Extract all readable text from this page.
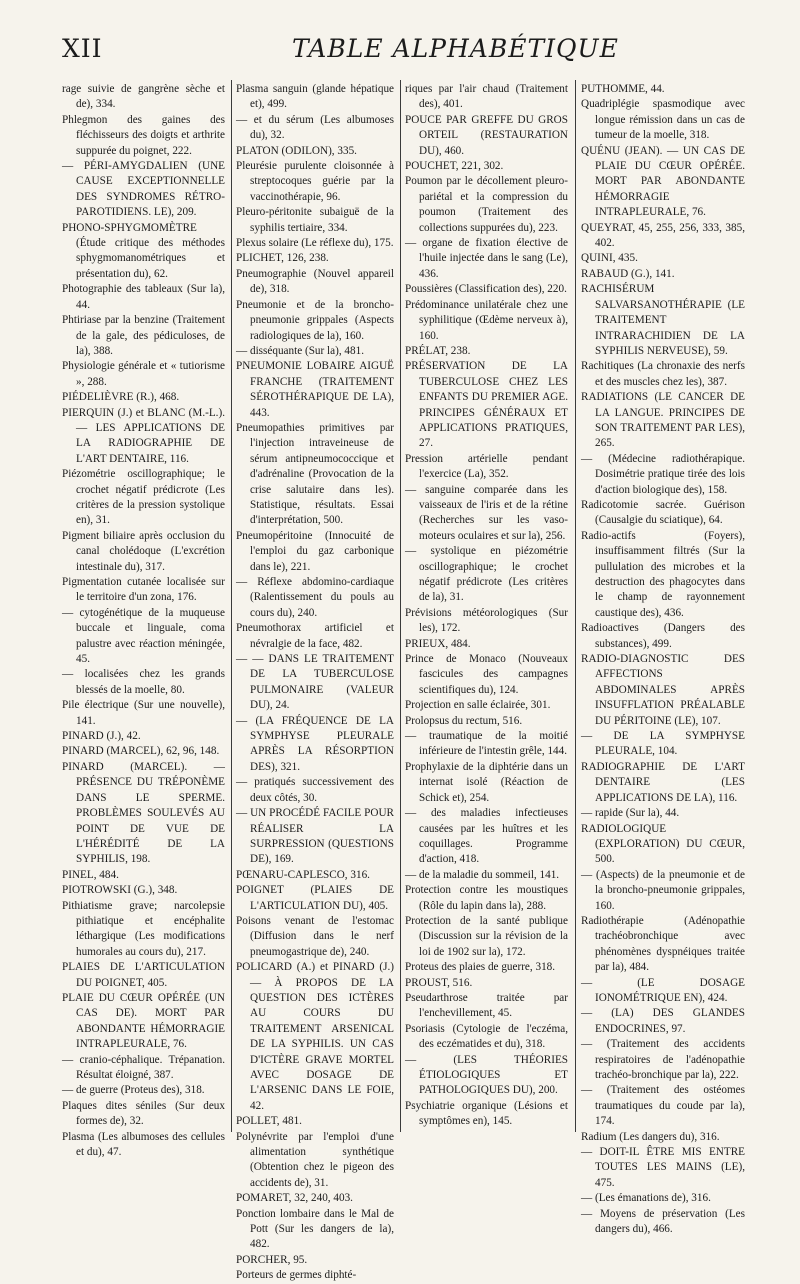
XII	TABLE ALPHABÉTIQUE

rage suivie de gangrène sèche et de), 334.

Phlegmon des gaines des fléchisseurs des doigts et arthrite suppurée du poignet, 222.

— PÉRI-AMYGDALIEN (UNE CAUSE EXCEPTIONNELLE DES SYNDROMES RÉTRO-PAROTIDIENS. LE), 209.

PHONO-SPHYGMOMÈTRE (Étude critique des méthodes sphygmomanométriques et présentation du), 62.

Photographie des tableaux (Sur la), 44.

Phtiriase par la benzine (Traitement de la gale, des pédiculoses, de la), 388.

Physiologie générale et « tutiorisme », 288.

PIÉDELIÈVRE (R.), 468.

PIERQUIN (J.) et BLANC (M.-L.). — LES APPLICATIONS DE LA RADIOGRAPHIE DE L'ART DENTAIRE, 116.

Piézométrie oscillographique; le crochet négatif prédicrote (Les critères de la pression systolique en), 31.

Pigment biliaire après occlusion du canal cholédoque (L'excrétion intestinale du), 317.

Pigmentation cutanée localisée sur le territoire d'un zona, 176.

— cytogénétique de la muqueuse buccale et linguale, coma palustre avec réaction méningée, 45.

— localisées chez les grands blessés de la moelle, 80.

Pile électrique (Sur une nouvelle), 141.

PINARD (J.), 42.

PINARD (MARCEL), 62, 96, 148.

PINARD (MARCEL). — PRÉSENCE DU TRÉPONÈME DANS LE SPERME. PROBLÈMES SOULEVÉS AU POINT DE VUE DE L'HÉRÉDITÉ DE LA SYPHILIS, 198.

PINEL, 484.

PIOTROWSKI (G.), 348.

Pithiatisme grave; narcolepsie pithiatique et encéphalite léthargique (Les modifications humorales au cours du), 217.

PLAIES DE L'ARTICULATION DU POIGNET, 405.

PLAIE DU CŒUR OPÉRÉE (UN CAS DE). MORT PAR ABONDANTE HÉMORRAGIE INTRAPLEURALE, 76.

— cranio-céphalique. Trépanation. Résultat éloigné, 387.

— de guerre (Proteus des), 318.

Plaques dites séniles (Sur deux formes de), 32.

Plasma (Les albumoses des cellules et du), 47.

Plasma sanguin (glande hépatique et), 499.

— et du sérum (Les albumoses du), 32.

PLATON (ODILON), 335.

Pleurésie purulente cloisonnée à streptocoques guérie par la vaccinothérapie, 96.

Pleuro-péritonite subaiguë de la syphilis tertiaire, 334.

Plexus solaire (Le réflexe du), 175.

PLICHET, 126, 238.

Pneumographie (Nouvel appareil de), 318.

Pneumonie et de la broncho-pneumonie grippales (Aspects radiologiques de la), 160.

— disséquante (Sur la), 481.

PNEUMONIE LOBAIRE AIGUË FRANCHE (TRAITEMENT SÉROTHÉRAPIQUE DE LA), 443.

Pneumopathies primitives par l'injection intraveineuse de sérum antipneumococcique et d'adrénaline (Provocation de la crise salutaire dans les). Statistique, résultats. Essai d'interprétation, 500.

Pneumopéritoine (Innocuité de l'emploi du gaz carbonique dans le), 221.

— Réflexe abdomino-cardiaque (Ralentissement du pouls au cours du), 240.

Pneumothorax artificiel et névralgie de la face, 482.

— — DANS LE TRAITEMENT DE LA TUBERCULOSE PULMONAIRE (VALEUR DU), 24.

— (LA FRÉQUENCE DE LA SYMPHYSE PLEURALE APRÈS LA RÉSORPTION DES), 321.

— pratiqués successivement des deux côtés, 30.

— UN PROCÉDÉ FACILE POUR RÉALISER LA SURPRESSION (QUESTIONS DE), 169.

PŒNARU-CAPLESCO, 316.

POIGNET (PLAIES DE L'ARTICULATION DU), 405.

Poisons venant de l'estomac (Diffusion dans le nerf pneumogastrique de), 240.

POLICARD (A.) et PINARD (J.) — À PROPOS DE LA QUESTION DES ICTÈRES AU COURS DU TRAITEMENT ARSENICAL DE LA SYPHILIS. UN CAS D'ICTÈRE GRAVE MORTEL AVEC DOSAGE DE L'ARSENIC DANS LE FOIE, 42.

POLLET, 481.

Polynévrite par l'emploi d'une alimentation synthétique (Obtention chez le pigeon des accidents de), 31.

POMARET, 32, 240, 403.

Ponction lombaire dans le Mal de Pott (Sur les dangers de la), 482.

PORCHER, 95.

Porteurs de germes diphté-

riques par l'air chaud (Traitement des), 401.

POUCE PAR GREFFE DU GROS ORTEIL (RESTAURATION DU), 460.

POUCHET, 221, 302.

Poumon par le décollement pleuro-pariétal et la compression du poumon (Traitement des collections suppurées du), 223.

— organe de fixation élective de l'huile injectée dans le sang (Le), 436.

Poussières (Classification des), 220.

Prédominance unilatérale chez une syphilitique (Œdème nerveux à), 160.

PRÉLAT, 238.

PRÉSERVATION DE LA TUBERCULOSE CHEZ LES ENFANTS DU PREMIER AGE. PRINCIPES GÉNÉRAUX ET APPLICATIONS PRATIQUES, 27.

Pression artérielle pendant l'exercice (La), 352.

— sanguine comparée dans les vaisseaux de l'iris et de la rétine (Recherches sur les vaso-moteurs oculaires et sur la), 256.

— systolique en piézométrie oscillographique; le crochet négatif prédicrote (Les critères de la), 31.

Prévisions météorologiques (Sur les), 172.

PRIEUX, 484.

Prince de Monaco (Nouveaux fascicules des campagnes scientifiques du), 124.

Projection en salle éclairée, 301.

Prolopsus du rectum, 516.

— traumatique de la moitié inférieure de l'intestin grêle, 144.

Prophylaxie de la diphtérie dans un internat isolé (Réaction de Schick et), 254.

— des maladies infectieuses causées par les huîtres et les coquillages. Programme d'action, 418.

— de la maladie du sommeil, 141.

Protection contre les moustiques (Rôle du lapin dans la), 288.

Protection de la santé publique (Discussion sur la révision de la loi de 1902 sur la), 172.

Proteus des plaies de guerre, 318.

PROUST, 516.

Pseudarthrose traitée par l'enchevillement, 45.

Psoriasis (Cytologie de l'eczéma, des eczématides et du), 318.

— (LES THÉORIES ÉTIOLOGIQUES ET PATHOLOGIQUES DU), 200.

Psychiatrie organique (Lésions et symptômes en), 145.

PUTHOMME, 44.

Quadriplégie spasmodique avec longue rémission dans un cas de tumeur de la moelle, 318.

QUÉNU (JEAN). — UN CAS DE PLAIE DU CŒUR OPÉRÉE. MORT PAR ABONDANTE HÉMORRAGIE INTRAPLEURALE, 76.

QUEYRAT, 45, 255, 256, 333, 385, 402.

QUINI, 435.

RABAUD (G.), 141.

RACHISÉRUM SALVARSANOTHÉRAPIE (LE TRAITEMENT INTRARACHIDIEN DE LA SYPHILIS NERVEUSE), 59.

Rachitiques (La chronaxie des nerfs et des muscles chez les), 387.

RADIATIONS (LE CANCER DE LA LANGUE. PRINCIPES DE SON TRAITEMENT PAR LES), 265.

— (Médecine radiothérapique. Dosimétrie pratique tirée des lois d'action biologique des), 158.

Radicotomie sacrée. Guérison (Causalgie du sciatique), 64.

Radio-actifs (Foyers), insuffisamment filtrés (Sur la pullulation des microbes et la destruction des phagocytes dans le champ de rayonnement caustique des), 436.

Radioactives (Dangers des substances), 499.

RADIO-DIAGNOSTIC DES AFFECTIONS ABDOMINALES APRÈS INSUFFLATION PRÉALABLE DU PÉRITOINE (LE), 107.

— DE LA SYMPHYSE PLEURALE, 104.

RADIOGRAPHIE DE L'ART DENTAIRE (LES APPLICATIONS DE LA), 116.

— rapide (Sur la), 44.

RADIOLOGIQUE (EXPLORATION) DU CŒUR, 500.

— (Aspects) de la pneumonie et de la broncho-pneumonie grippales, 160.

Radiothérapie (Adénopathie trachéobronchique avec phénomènes dyspnéiques traitée par la), 484.

— (LE DOSAGE IONOMÉTRIQUE EN), 424.

— (LA) DES GLANDES ENDOCRINES, 97.

— (Traitement des accidents respiratoires de l'adénopathie trachéo-bronchique par la), 222.

— (Traitement des ostéomes traumatiques du coude par la), 174.

Radium (Les dangers du), 316.

— DOIT-IL ÊTRE MIS ENTRE TOUTES LES MAINS (LE), 475.

— (Les émanations de), 316.

— Moyens de préservation (Les dangers du), 466.
